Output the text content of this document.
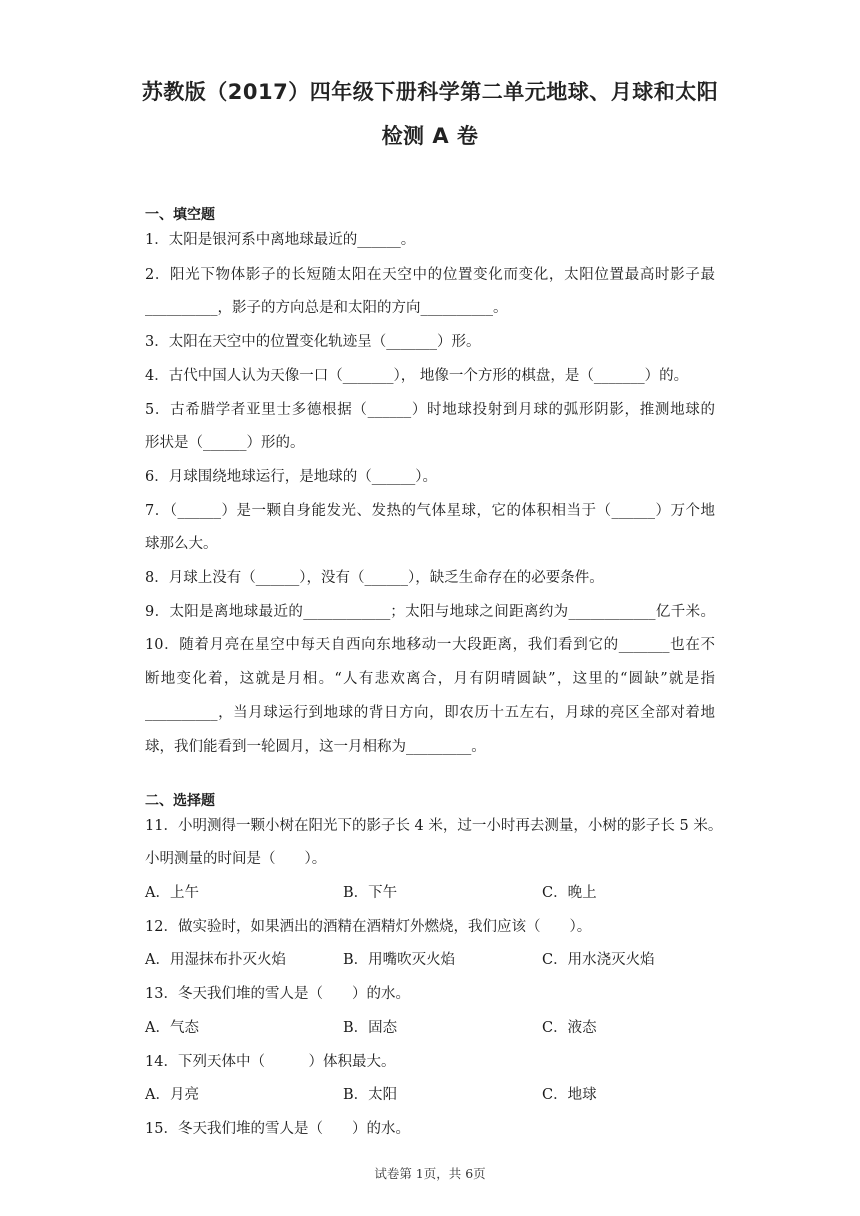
苏教版（2017）四年级下册科学第二单元地球、月球和太阳
检测 A 卷
一、填空题
1．太阳是银河系中离地球最近的______。
2．阳光下物体影子的长短随太阳在天空中的位置变化而变化，太阳位置最高时影子最
__________，影子的方向总是和太阳的方向__________。
3．太阳在天空中的位置变化轨迹呈（_______）形。
4．古代中国人认为天像一口（_______）， 地像一个方形的棋盘，是（_______）的。
5．古希腊学者亚里士多德根据（______）时地球投射到月球的弧形阴影，推测地球的
形状是（______）形的。
6．月球围绕地球运行，是地球的（______）。
7．（______）是一颗自身能发光、发热的气体星球，它的体积相当于（______）万个地
球那么大。
8．月球上没有（______），没有（______），缺乏生命存在的必要条件。
9．太阳是离地球最近的____________；太阳与地球之间距离约为____________亿千米。
10．随着月亮在星空中每天自西向东地移动一大段距离，我们看到它的_______也在不
断地变化着，这就是月相。“人有悲欢离合，月有阴晴圆缺”，这里的“圆缺”就是指
__________，当月球运行到地球的背日方向，即农历十五左右，月球的亮区全部对着地
球，我们能看到一轮圆月，这一月相称为_________。
二、选择题
11．小明测得一颗小树在阳光下的影子长 4 米，过一小时再去测量，小树的影子长 5 米。
小明测量的时间是（　　）。
A．上午	B．下午	C．晚上
12．做实验时，如果洒出的酒精在酒精灯外燃烧，我们应该（　　）。
A．用湿抹布扑灭火焰	B．用嘴吹灭火焰	C．用水浇灭火焰
13．冬天我们堆的雪人是（　　）的水。
A．气态	B．固态	C．液态
14．下列天体中（　　　）体积最大。
A．月亮	B．太阳	C．地球
15．冬天我们堆的雪人是（　　）的水。
试卷第 1页，共 6页
